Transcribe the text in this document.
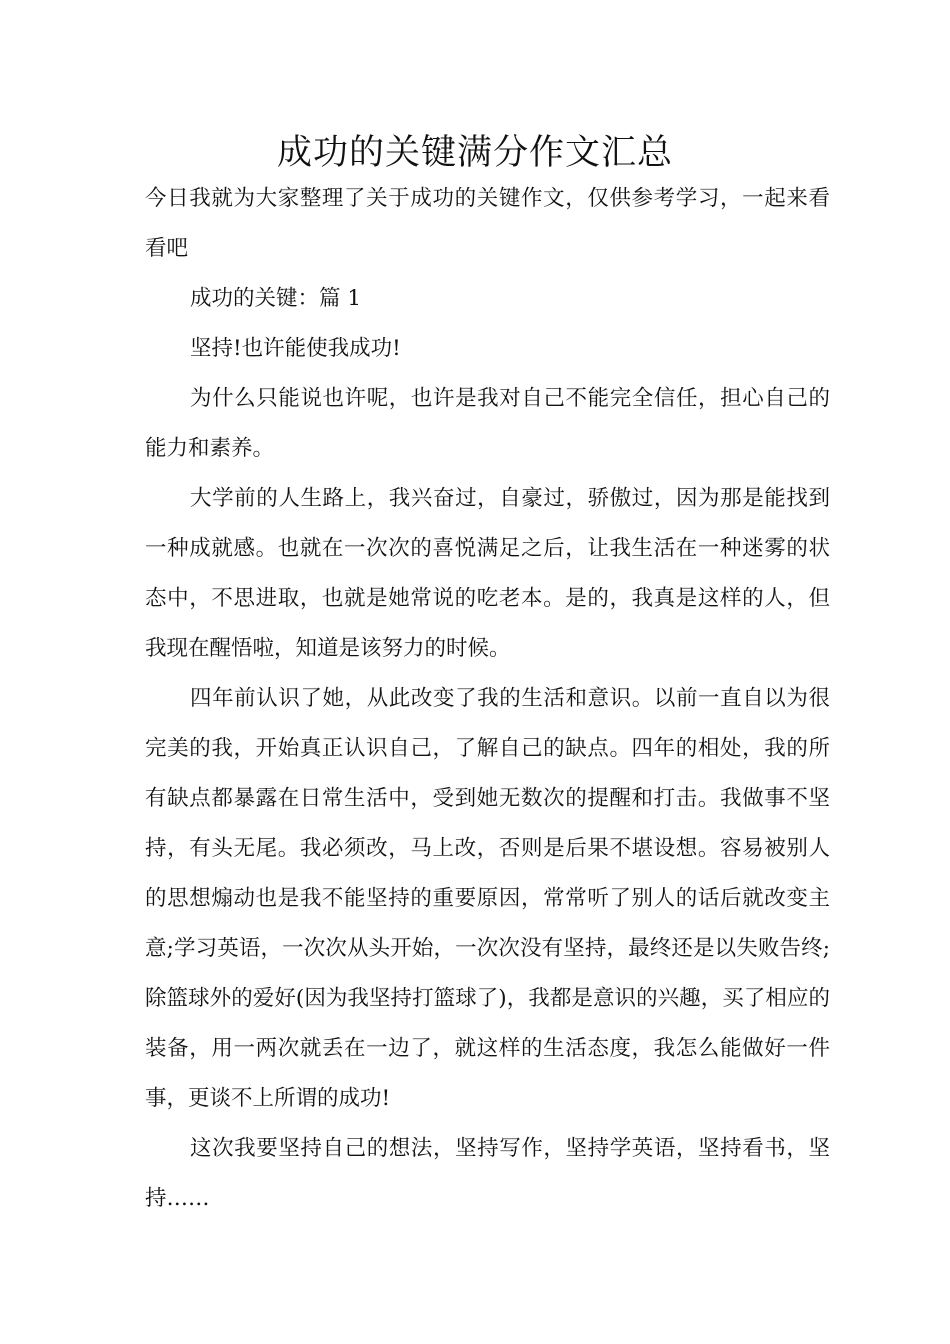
成功的关键满分作文汇总

今日我就为大家整理了关于成功的关键作文，仅供参考学习，一起来看看吧

成功的关键：篇 1

坚持!也许能使我成功!

为什么只能说也许呢，也许是我对自己不能完全信任，担心自己的能力和素养。

大学前的人生路上，我兴奋过，自豪过，骄傲过，因为那是能找到一种成就感。也就在一次次的喜悦满足之后，让我生活在一种迷雾的状态中，不思进取，也就是她常说的吃老本。是的，我真是这样的人，但我现在醒悟啦，知道是该努力的时候。

四年前认识了她，从此改变了我的生活和意识。以前一直自以为很完美的我，开始真正认识自己，了解自己的缺点。四年的相处，我的所有缺点都暴露在日常生活中，受到她无数次的提醒和打击。我做事不坚持，有头无尾。我必须改，马上改，否则是后果不堪设想。容易被别人的思想煽动也是我不能坚持的重要原因，常常听了别人的话后就改变主意;学习英语，一次次从头开始，一次次没有坚持，最终还是以失败告终;除篮球外的爱好(因为我坚持打篮球了)，我都是意识的兴趣，买了相应的装备，用一两次就丢在一边了，就这样的生活态度，我怎么能做好一件事，更谈不上所谓的成功!

这次我要坚持自己的想法，坚持写作，坚持学英语，坚持看书，坚持……
